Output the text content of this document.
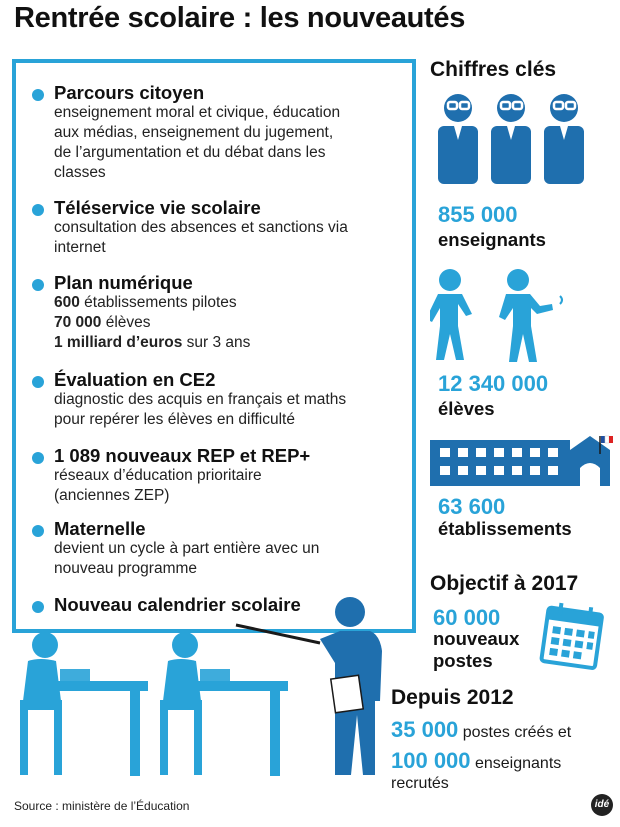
Rentrée scolaire : les nouveautés
Parcours citoyen
enseignement moral et civique, éducation
aux médias, enseignement du jugement,
de l’argumentation et du débat dans les
classes
Téléservice vie scolaire
consultation des absences et sanctions via
internet
Plan numérique
600 établissements pilotes
70 000 élèves
1 milliard d’euros sur 3 ans
Évaluation en CE2
diagnostic des acquis en français et maths
pour repérer les élèves en difficulté
1 089 nouveaux REP et REP+
réseaux d’éducation prioritaire
(anciennes ZEP)
Maternelle
devient un cycle à part entière avec un
nouveau programme
Nouveau calendrier scolaire
Chiffres clés
855 000
enseignants
12 340 000
élèves
63 600
établissements
Objectif à 2017
60 000
nouveaux
postes
Depuis 2012
35 000 postes créés et
100 000 enseignants
recrutés
Source : ministère de l’Éducation	idé
